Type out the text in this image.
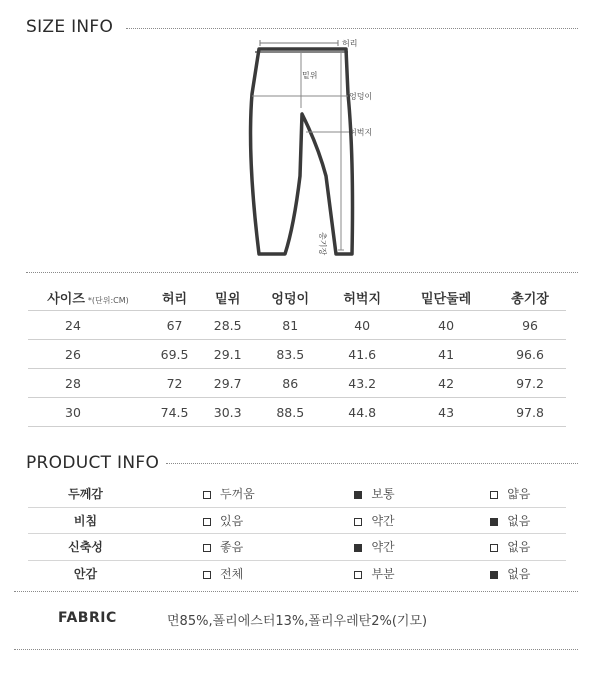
SIZE INFO
허리
밑위
엉덩이
허벅지
총기장
사이즈 *(단위:CM)	허리	밑위	엉덩이	허벅지	밑단둘레	총기장
24	67	28.5	81	40	40	96
26	69.5	29.1	83.5	41.6	41	96.6
28	72	29.7	86	43.2	42	97.2
30	74.5	30.3	88.5	44.8	43	97.8
PRODUCT INFO
두께감	두꺼움	보통	얇음
비침	있음	약간	없음
신축성	좋음	약간	없음
안감	전체	부분	없음
FABRIC	면85%,폴리에스터13%,폴리우레탄2%(기모)
